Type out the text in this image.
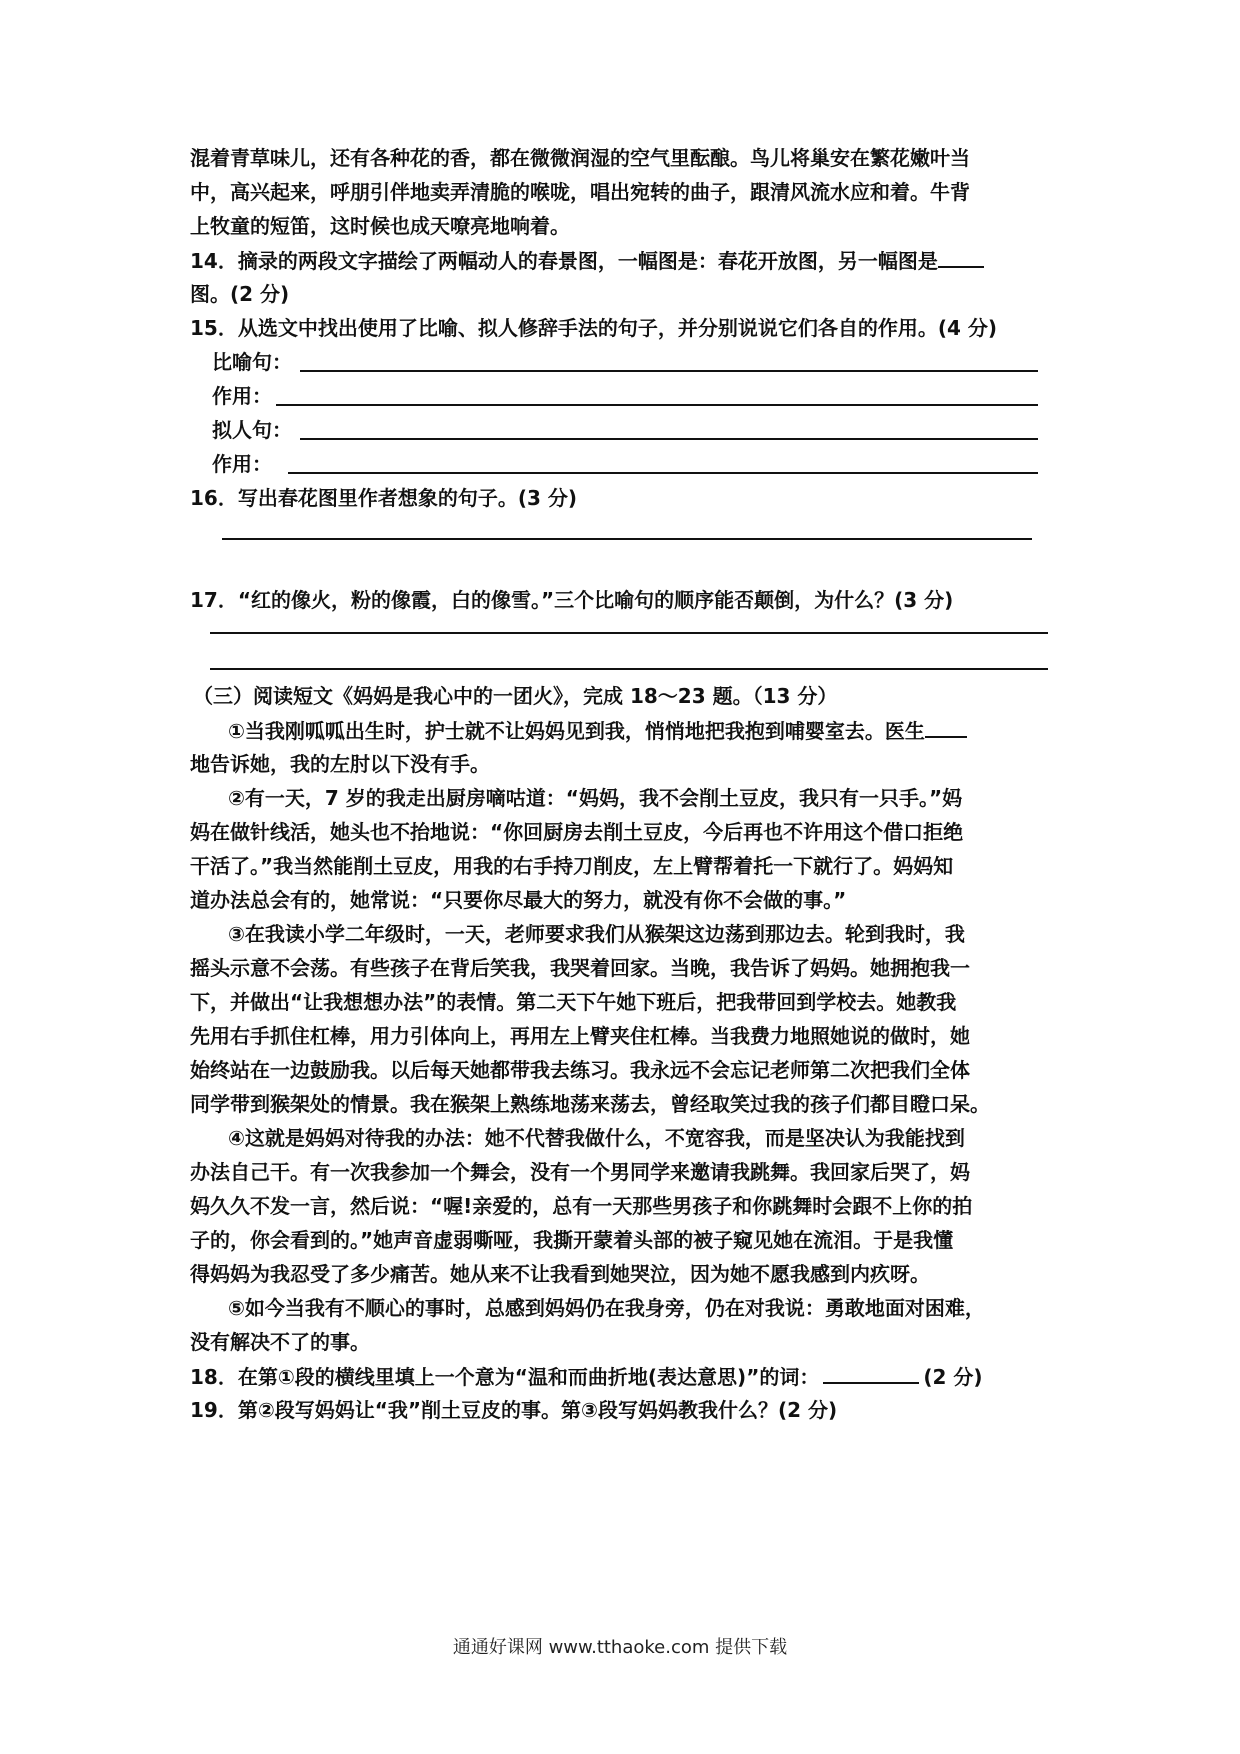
混着青草味儿，还有各种花的香，都在微微润湿的空气里酝酿。鸟儿将巢安在繁花嫩叶当
中，高兴起来，呼朋引伴地卖弄清脆的喉咙，唱出宛转的曲子，跟清风流水应和着。牛背
上牧童的短笛，这时候也成天嘹亮地响着。
14．摘录的两段文字描绘了两幅动人的春景图，一幅图是：春花开放图，另一幅图是
图。(2 分)
15．从选文中找出使用了比喻、拟人修辞手法的句子，并分别说说它们各自的作用。(4 分)
比喻句：
作用：
拟人句：
作用：
16．写出春花图里作者想象的句子。(3 分)
17．“红的像火，粉的像霞，白的像雪。”三个比喻句的顺序能否颠倒，为什么？(3 分)
（三）阅读短文《妈妈是我心中的一团火》，完成 18～23 题。（13 分）
①当我刚呱呱出生时，护士就不让妈妈见到我，悄悄地把我抱到哺婴室去。医生
地告诉她，我的左肘以下没有手。
②有一天，7 岁的我走出厨房嘀咕道：“妈妈，我不会削土豆皮，我只有一只手。”妈
妈在做针线活，她头也不抬地说：“你回厨房去削土豆皮，今后再也不许用这个借口拒绝
干活了。”我当然能削土豆皮，用我的右手持刀削皮，左上臂帮着托一下就行了。妈妈知
道办法总会有的，她常说：“只要你尽最大的努力，就没有你不会做的事。”
③在我读小学二年级时，一天，老师要求我们从猴架这边荡到那边去。轮到我时，我
摇头示意不会荡。有些孩子在背后笑我，我哭着回家。当晚，我告诉了妈妈。她拥抱我一
下，并做出“让我想想办法”的表情。第二天下午她下班后，把我带回到学校去。她教我
先用右手抓住杠棒，用力引体向上，再用左上臂夹住杠棒。当我费力地照她说的做时，她
始终站在一边鼓励我。以后每天她都带我去练习。我永远不会忘记老师第二次把我们全体
同学带到猴架处的情景。我在猴架上熟练地荡来荡去，曾经取笑过我的孩子们都目瞪口呆。
④这就是妈妈对待我的办法：她不代替我做什么，不宽容我，而是坚决认为我能找到
办法自己干。有一次我参加一个舞会，没有一个男同学来邀请我跳舞。我回家后哭了，妈
妈久久不发一言，然后说：“喔!亲爱的，总有一天那些男孩子和你跳舞时会跟不上你的拍
子的，你会看到的。”她声音虚弱嘶哑，我撕开蒙着头部的被子窥见她在流泪。于是我懂
得妈妈为我忍受了多少痛苦。她从来不让我看到她哭泣，因为她不愿我感到内疚呀。
⑤如今当我有不顺心的事时，总感到妈妈仍在我身旁，仍在对我说：勇敢地面对困难，
没有解决不了的事。
18．在第①段的横线里填上一个意为“温和而曲折地(表达意思)”的词：	(2 分)
19．第②段写妈妈让“我”削土豆皮的事。第③段写妈妈教我什么？(2 分)
通通好课网 www.tthaoke.com 提供下载
